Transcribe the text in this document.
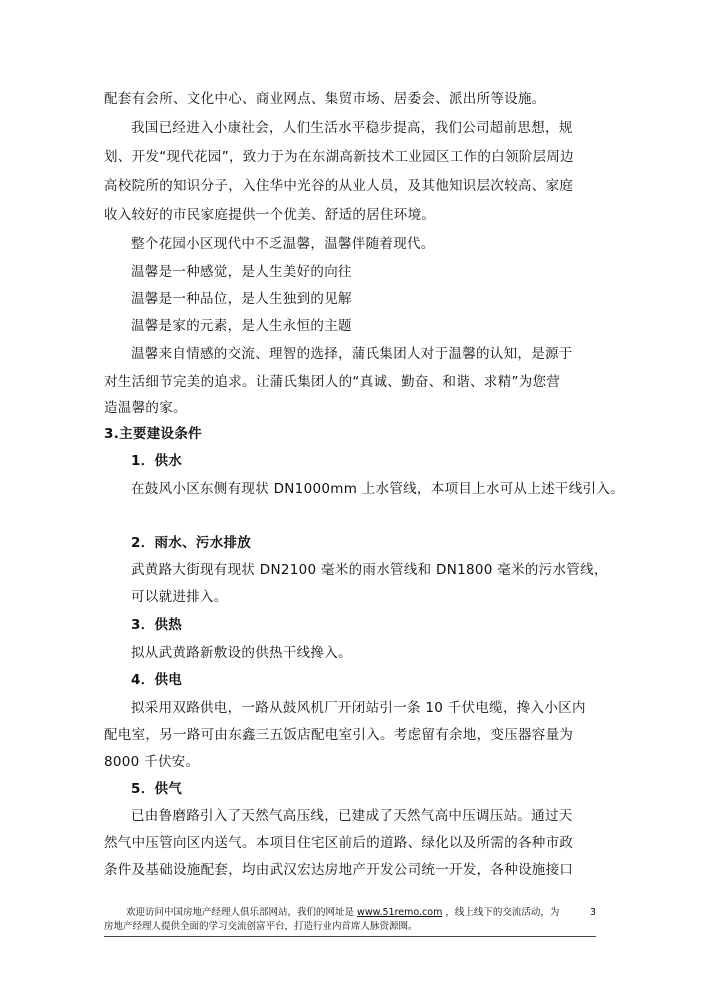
配套有会所、文化中心、商业网点、集贸市场、居委会、派出所等设施。
我国已经进入小康社会，人们生活水平稳步提高，我们公司超前思想，规
划、开发“现代花园”，致力于为在东湖高新技术工业园区工作的白领阶层周边
高校院所的知识分子，入住华中光谷的从业人员，及其他知识层次较高、家庭
收入较好的市民家庭提供一个优美、舒适的居住环境。
整个花园小区现代中不乏温馨，温馨伴随着现代。
温馨是一种感觉，是人生美好的向往
温馨是一种品位，是人生独到的见解
温馨是家的元素，是人生永恒的主题
温馨来自情感的交流、理智的选择，蒲氏集团人对于温馨的认知，是源于
对生活细节完美的追求。让蒲氏集团人的“真诚、勤奋、和谐、求精”为您营
造温馨的家。
3.主要建设条件
1．供水
在鼓风小区东侧有现状 DN1000mm 上水管线，本项目上水可从上述干线引入。
2．雨水、污水排放
武黄路大街现有现状 DN2100 毫米的雨水管线和 DN1800 毫米的污水管线，
可以就进排入。
3．供热
拟从武黄路新敷设的供热干线搀入。
4．供电
拟采用双路供电，一路从鼓风机厂开闭站引一条 10 千伏电缆，搀入小区内
配电室，另一路可由东鑫三五饭店配电室引入。考虑留有余地，变压器容量为
8000 千伏安。
5．供气
已由鲁磨路引入了天然气高压线，已建成了天然气高中压调压站。通过天
然气中压管向区内送气。本项目住宅区前后的道路、绿化以及所需的各种市政
条件及基础设施配套，均由武汉宏达房地产开发公司统一开发，各种设施接口
欢迎访问中国房地产经理人俱乐部网站，我们的网址是 www.51remo.com ，线上线下的交流活动，为	3
房地产经理人提供全面的学习交流创富平台，打造行业内首席人脉资源圈。
